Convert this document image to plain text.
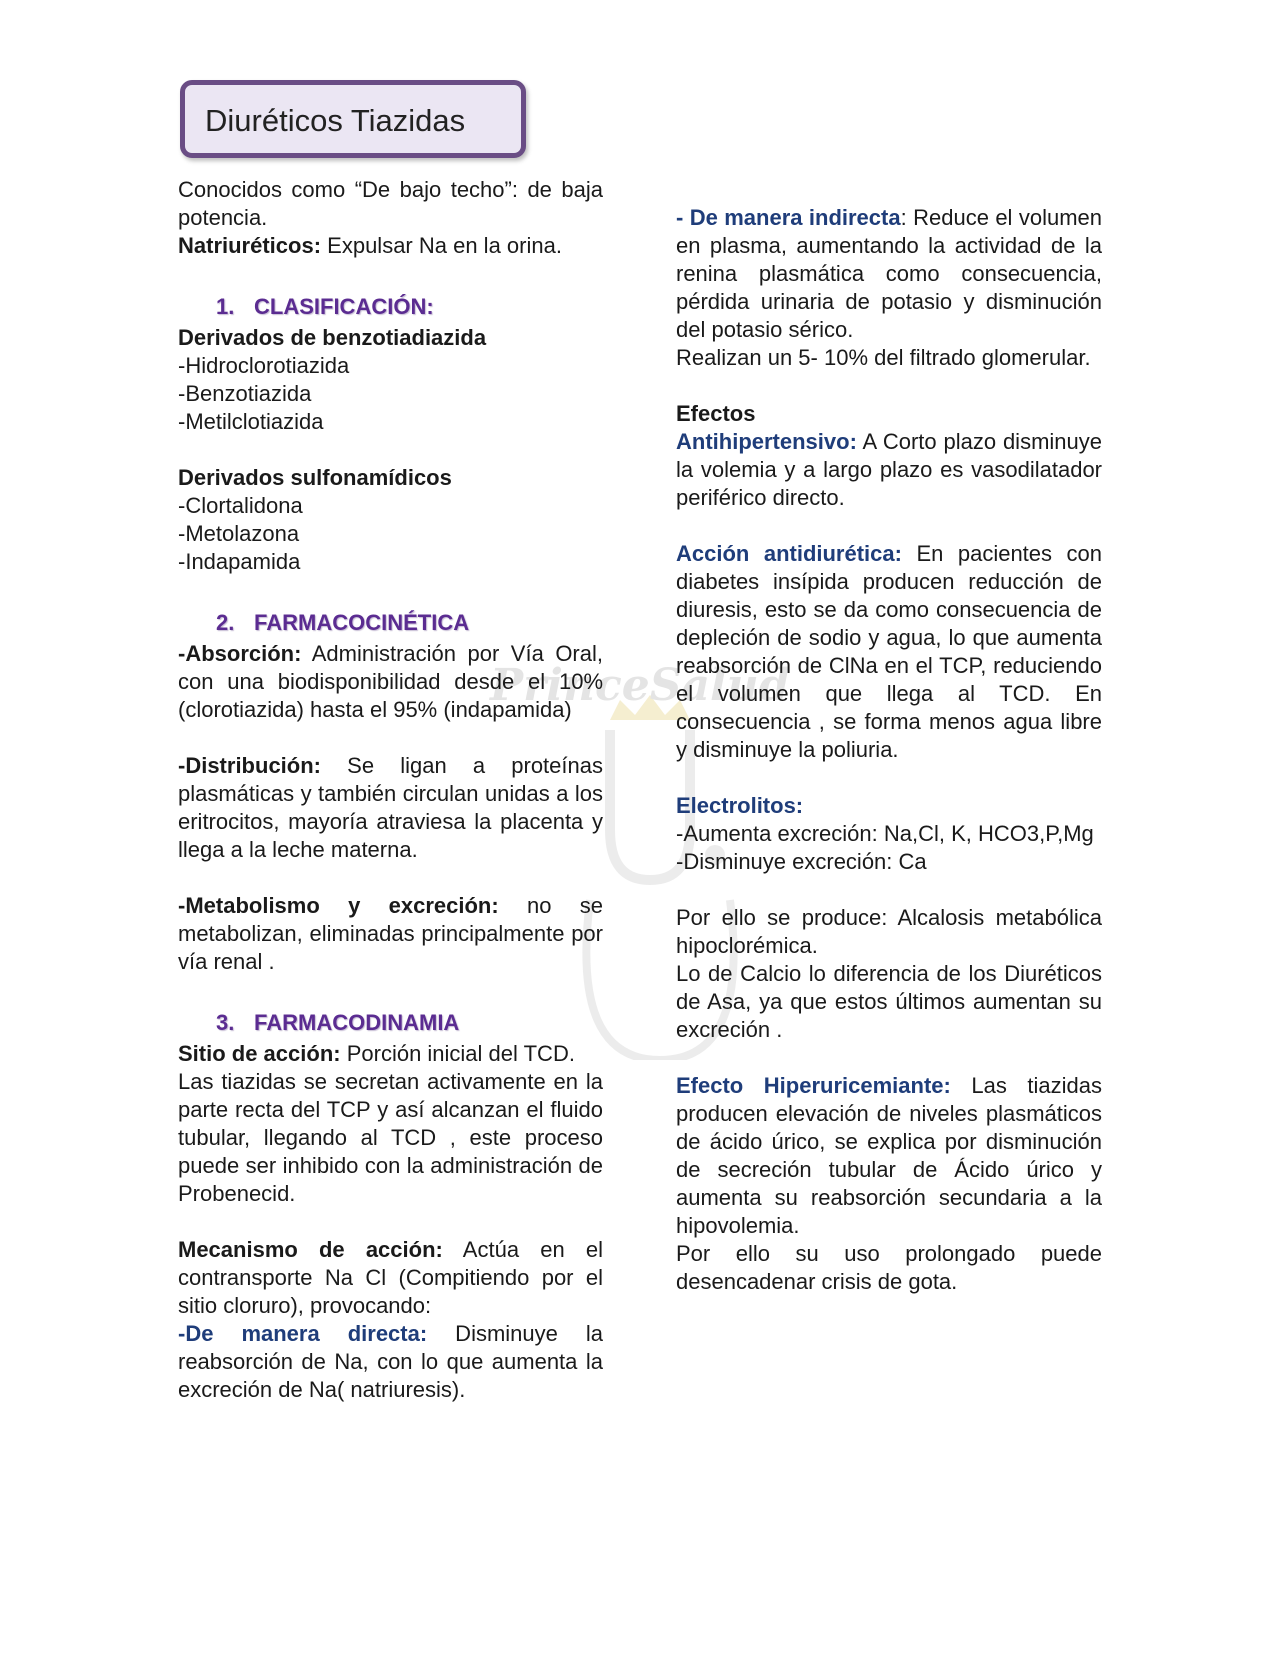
Diuréticos Tiazidas
PrinceSalud

Conocidos como “De bajo techo”: de baja potencia.

Natriuréticos: Expulsar Na en la orina.

1. CLASIFICACIÓN:

Derivados de benzotiadiazida

-Hidroclorotiazida

-Benzotiazida

-Metilclotiazida

Derivados sulfonamídicos

-Clortalidona

-Metolazona

-Indapamida

2. FARMACOCINÉTICA

-Absorción: Administración por Vía Oral, con una biodisponibilidad desde el 10% (clorotiazida) hasta el 95% (indapamida)

-Distribución: Se ligan a proteínas plasmáticas y también circulan unidas a los eritrocitos, mayoría atraviesa la placenta y llega a la leche materna.

-Metabolismo y excreción: no se metabolizan, eliminadas principalmente por vía renal .

3. FARMACODINAMIA

Sitio de acción: Porción inicial del TCD.

Las tiazidas se secretan activamente en la parte recta del TCP y así alcanzan el fluido tubular, llegando al TCD , este proceso puede ser inhibido con la administración de Probenecid.

Mecanismo de acción: Actúa en el contransporte Na Cl (Compitiendo por el sitio cloruro), provocando:

-De manera directa: Disminuye la reabsorción de Na, con lo que aumenta la excreción de Na( natriuresis).

- De manera indirecta: Reduce el volumen en plasma, aumentando la actividad de la renina plasmática como consecuencia, pérdida urinaria de potasio y disminución del potasio sérico.

Realizan un 5- 10% del filtrado glomerular.

Efectos

Antihipertensivo: A Corto plazo disminuye la volemia y a largo plazo es vasodilatador periférico directo.

Acción antidiurética: En pacientes con diabetes insípida producen reducción de diuresis, esto se da como consecuencia de depleción de sodio y agua, lo que aumenta reabsorción de ClNa en el TCP, reduciendo el volumen que llega al TCD. En consecuencia , se forma menos agua libre y disminuye la poliuria.

Electrolitos:

-Aumenta excreción: Na,Cl, K, HCO3,P,Mg

-Disminuye excreción: Ca

Por ello se produce: Alcalosis metabólica hipoclorémica.

Lo de Calcio lo diferencia de los Diuréticos de Asa, ya que estos últimos aumentan su excreción .

Efecto Hiperuricemiante: Las tiazidas producen elevación de niveles plasmáticos de ácido úrico, se explica por disminución de secreción tubular de Ácido úrico y aumenta su reabsorción secundaria a la hipovolemia.

Por ello su uso prolongado puede desencadenar crisis de gota.
